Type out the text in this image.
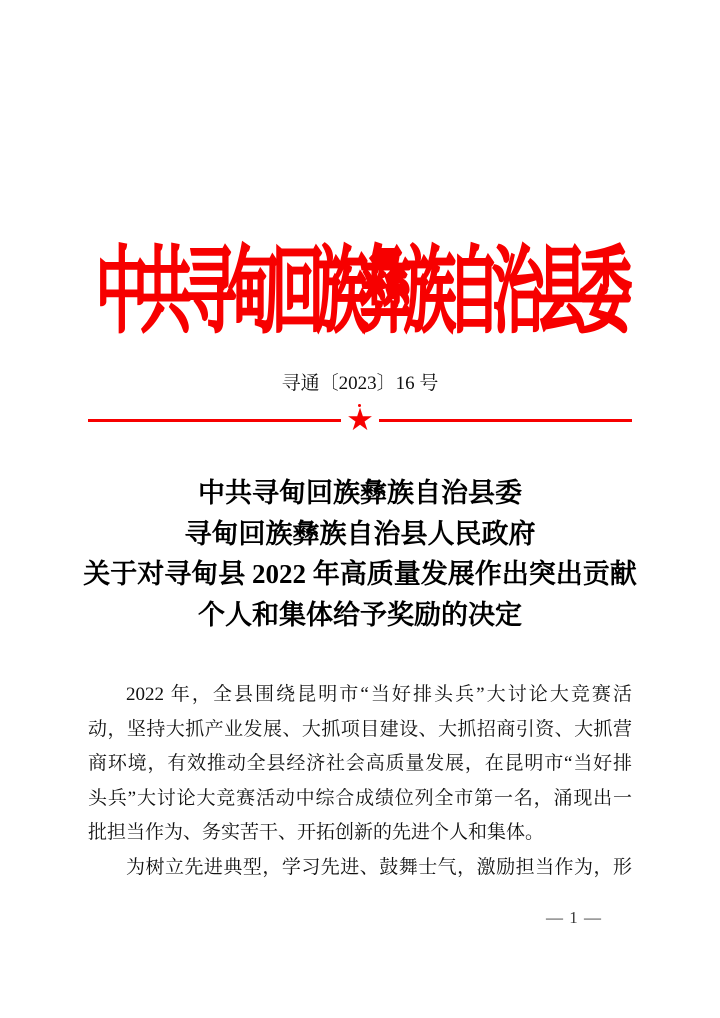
中共寻甸回族彝族自治县委
寻通〔2023〕16 号
★
中共寻甸回族彝族自治县委
寻甸回族彝族自治县人民政府
关于对寻甸县 2022 年高质量发展作出突出贡献
个人和集体给予奖励的决定
2022 年，全县围绕昆明市“当好排头兵”大讨论大竞赛活
动，坚持大抓产业发展、大抓项目建设、大抓招商引资、大抓营
商环境，有效推动全县经济社会高质量发展，在昆明市“当好排
头兵”大讨论大竞赛活动中综合成绩位列全市第一名，涌现出一
批担当作为、务实苦干、开拓创新的先进个人和集体。
为树立先进典型，学习先进、鼓舞士气，激励担当作为，形
— 1 —
